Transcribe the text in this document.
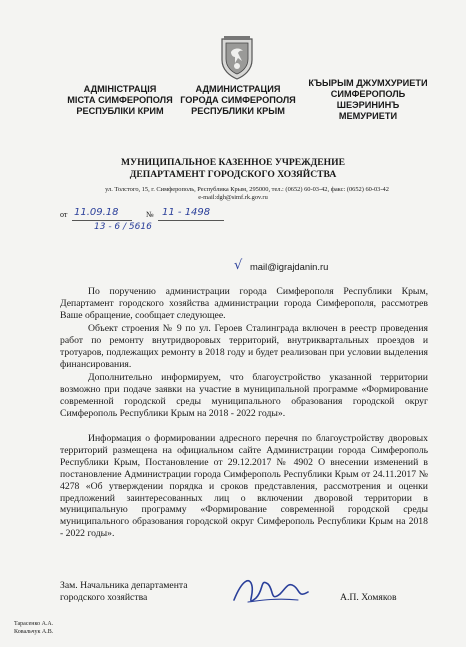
АДМІНІСТРАЦІЯ
МІСТА СИМФЕРОПОЛЯ
РЕСПУБЛІКИ КРИМ
АДМИНИСТРАЦИЯ
ГОРОДА СИМФЕРОПОЛЯ
РЕСПУБЛИКИ КРЫМ
КЪЫРЫМ ДЖУМХУРИЕТИ
СИМФЕРОПОЛЬ
ШЕЭРИНИНЪ
МЕМУРИЕТИ
МУНИЦИПАЛЬНОЕ КАЗЕННОЕ УЧРЕЖДЕНИЕ
ДЕПАРТАМЕНТ ГОРОДСКОГО ХОЗЯЙСТВА
ул. Толстого, 15, г. Симферополь, Республика Крым, 295000, тел.: (0652) 60-03-42, факс: (0652) 60-03-42
e-mail:dgh@simf.rk.gov.ru
от 11.09.18	№ 11 - 1498
13 - 6 / 5616
√ mail@igrajdanin.ru
По поручению администрации города Симферополя Республики Крым, Департамент городского хозяйства администрации города Симферополя, рассмотрев Ваше обращение, сообщает следующее.
Объект строения № 9 по ул. Героев Сталинграда включен в реестр проведения работ по ремонту внутридворовых территорий, внутриквартальных проездов и тротуаров, подлежащих ремонту в 2018 году и будет реализован при условии выделения финансирования.
Дополнительно информируем, что благоустройство указанной территории возможно при подаче заявки на участие в муниципальной программе «Формирование современной городской среды муниципального образования городской округ Симферополь Республики Крым на 2018 - 2022 годы».
Информация о формировании адресного перечня по благоустройству дворовых территорий размещена на официальном сайте Администрации города Симферополь Республики Крым, Постановление от 29.12.2017 № 4902 О внесении изменений в постановление Администрации города Симферополь Республики Крым от 24.11.2017 № 4278 «Об утверждении порядка и сроков представления, рассмотрения и оценки предложений заинтересованных лиц о включении дворовой территории в муниципальную программу «Формирование современной городской среды муниципального образования городской округ Симферополь Республики Крым на 2018 - 2022 годы».
Зам. Начальника департамента
городского хозяйства	А.П. Хомяков
Тарасенко А.А.
Ковальчук А.В.
